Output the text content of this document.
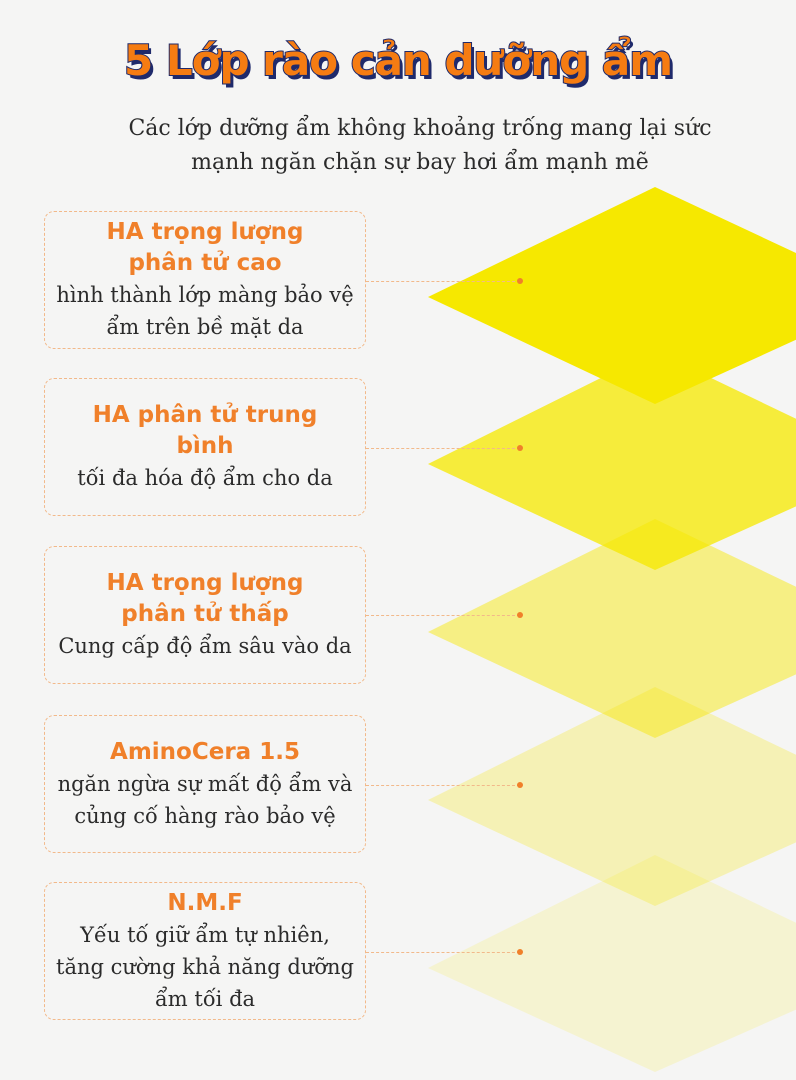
5 Lớp rào cản dưỡng ẩm
Các lớp dưỡng ẩm không khoảng trống mang lại sức mạnh ngăn chặn sự bay hơi ẩm mạnh mẽ
HA trọng lượng phân tử cao

hình thành lớp màng bảo vệ ẩm trên bề mặt da

HA phân tử trung bình

tối đa hóa độ ẩm cho da

HA trọng lượng phân tử thấp

Cung cấp độ ẩm sâu vào da

AminoCera 1.5

ngăn ngừa sự mất độ ẩm và củng cố hàng rào bảo vệ

N.M.F

Yếu tố giữ ẩm tự nhiên, tăng cường khả năng dưỡng ẩm tối đa
